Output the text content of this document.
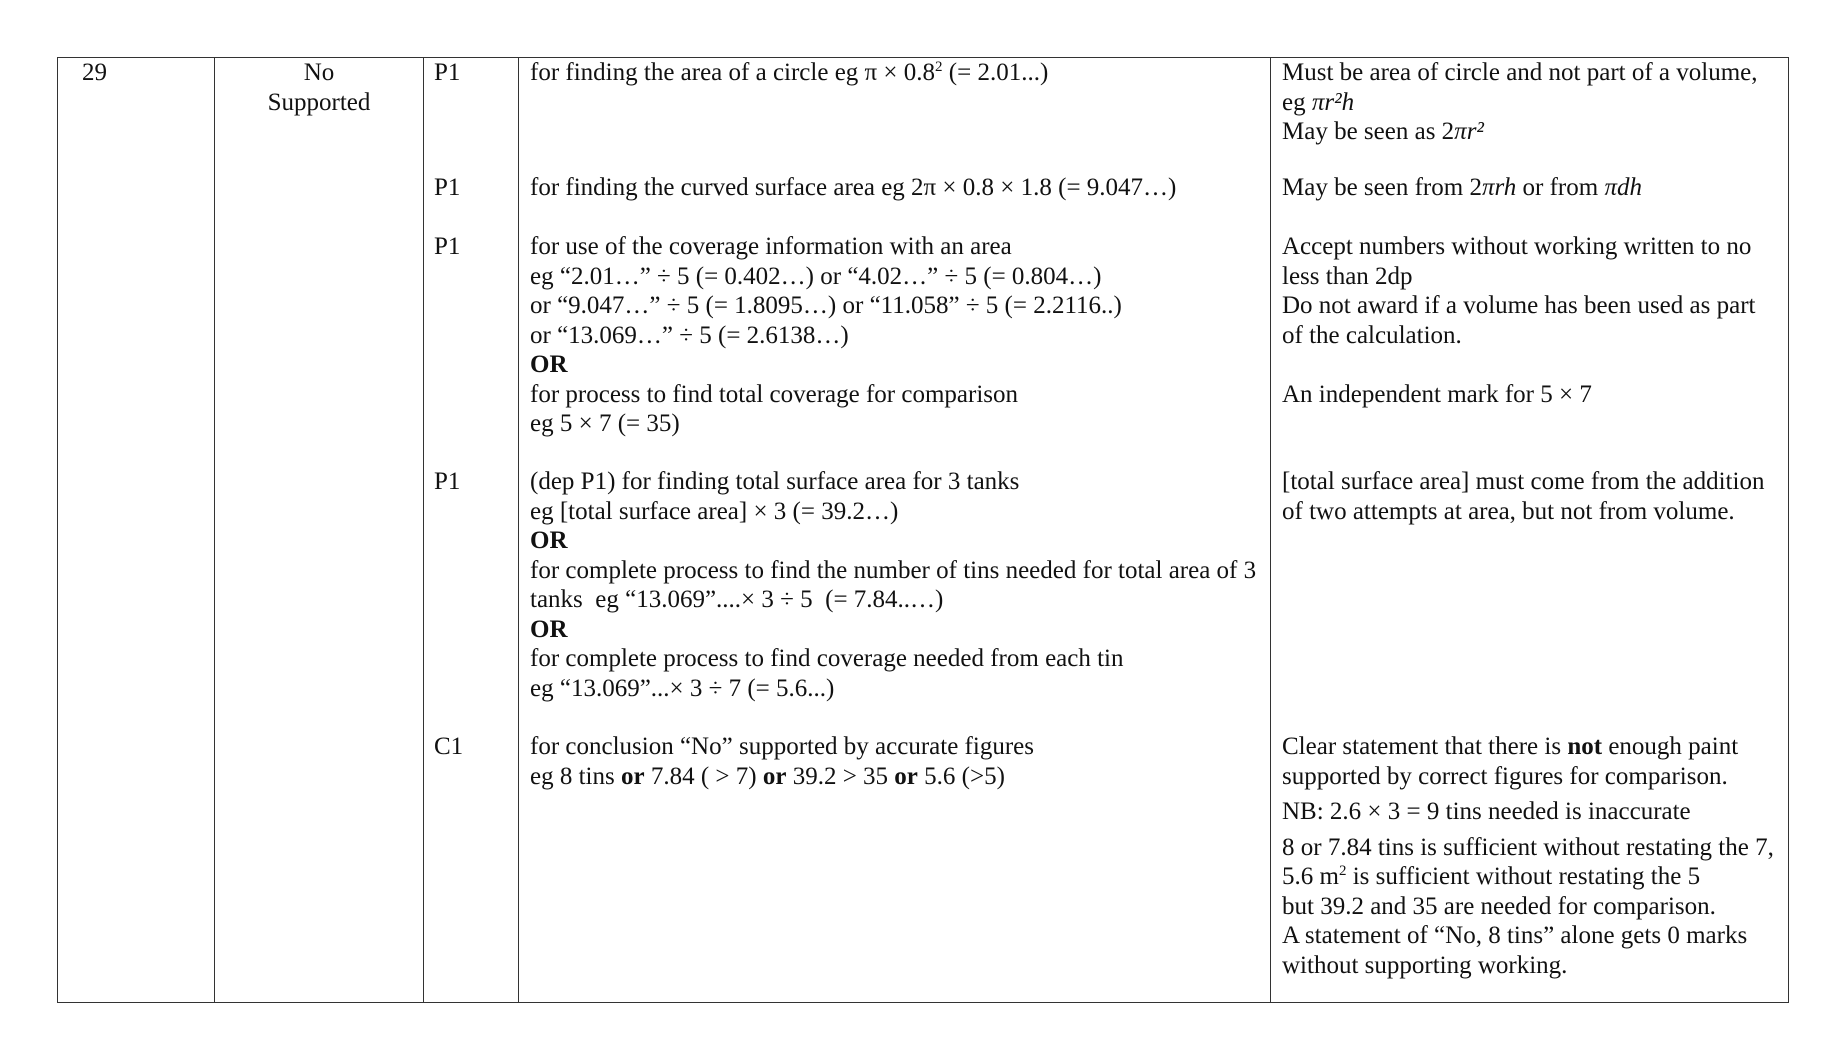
29	No
Supported
P1
P1
P1
P1
C1
for finding the area of a circle eg $\pi \times 0.8^2$ (= 2.01...)
for finding the curved surface area eg 2π × 0.8 × 1.8 (= 9.047…)
for use of the coverage information with an area
eg “2.01…” ÷ 5 (= 0.402…) or “4.02…” ÷ 5 (= 0.804…)
or “9.047…” ÷ 5 (= 1.8095…) or “11.058” ÷ 5 (= 2.2116..)
or “13.069…” ÷ 5 (= 2.6138…)
OR
for process to find total coverage for comparison
eg 5 × 7 (= 35)
(dep P1) for finding total surface area for 3 tanks
eg [total surface area] × 3 (= 39.2…)
OR
for complete process to find the number of tins needed for total area of 3
tanks  eg “13.069”....× 3 ÷ 5  (= 7.84..…)
OR
for complete process to find coverage needed from each tin
eg “13.069”...× 3 ÷ 7 (= 5.6...)
for conclusion “No” supported by accurate figures
eg 8 tins or 7.84 ( > 7) or 39.2 > 35 or 5.6 (>5)
Must be area of circle and not part of a volume,
eg πr²h
May be seen as 2πr²
May be seen from 2πrh or from πdh
Accept numbers without working written to no
less than 2dp
Do not award if a volume has been used as part
of the calculation.
An independent mark for 5 × 7
[total surface area] must come from the addition
of two attempts at area, but not from volume.
Clear statement that there is not enough paint
supported by correct figures for comparison.
NB: 2.6 × 3 = 9 tins needed is inaccurate
8 or 7.84 tins is sufficient without restating the 7,
5.6 $m^2$ is sufficient without restating the 5
but 39.2 and 35 are needed for comparison.
A statement of “No, 8 tins” alone gets 0 marks
without supporting working.
